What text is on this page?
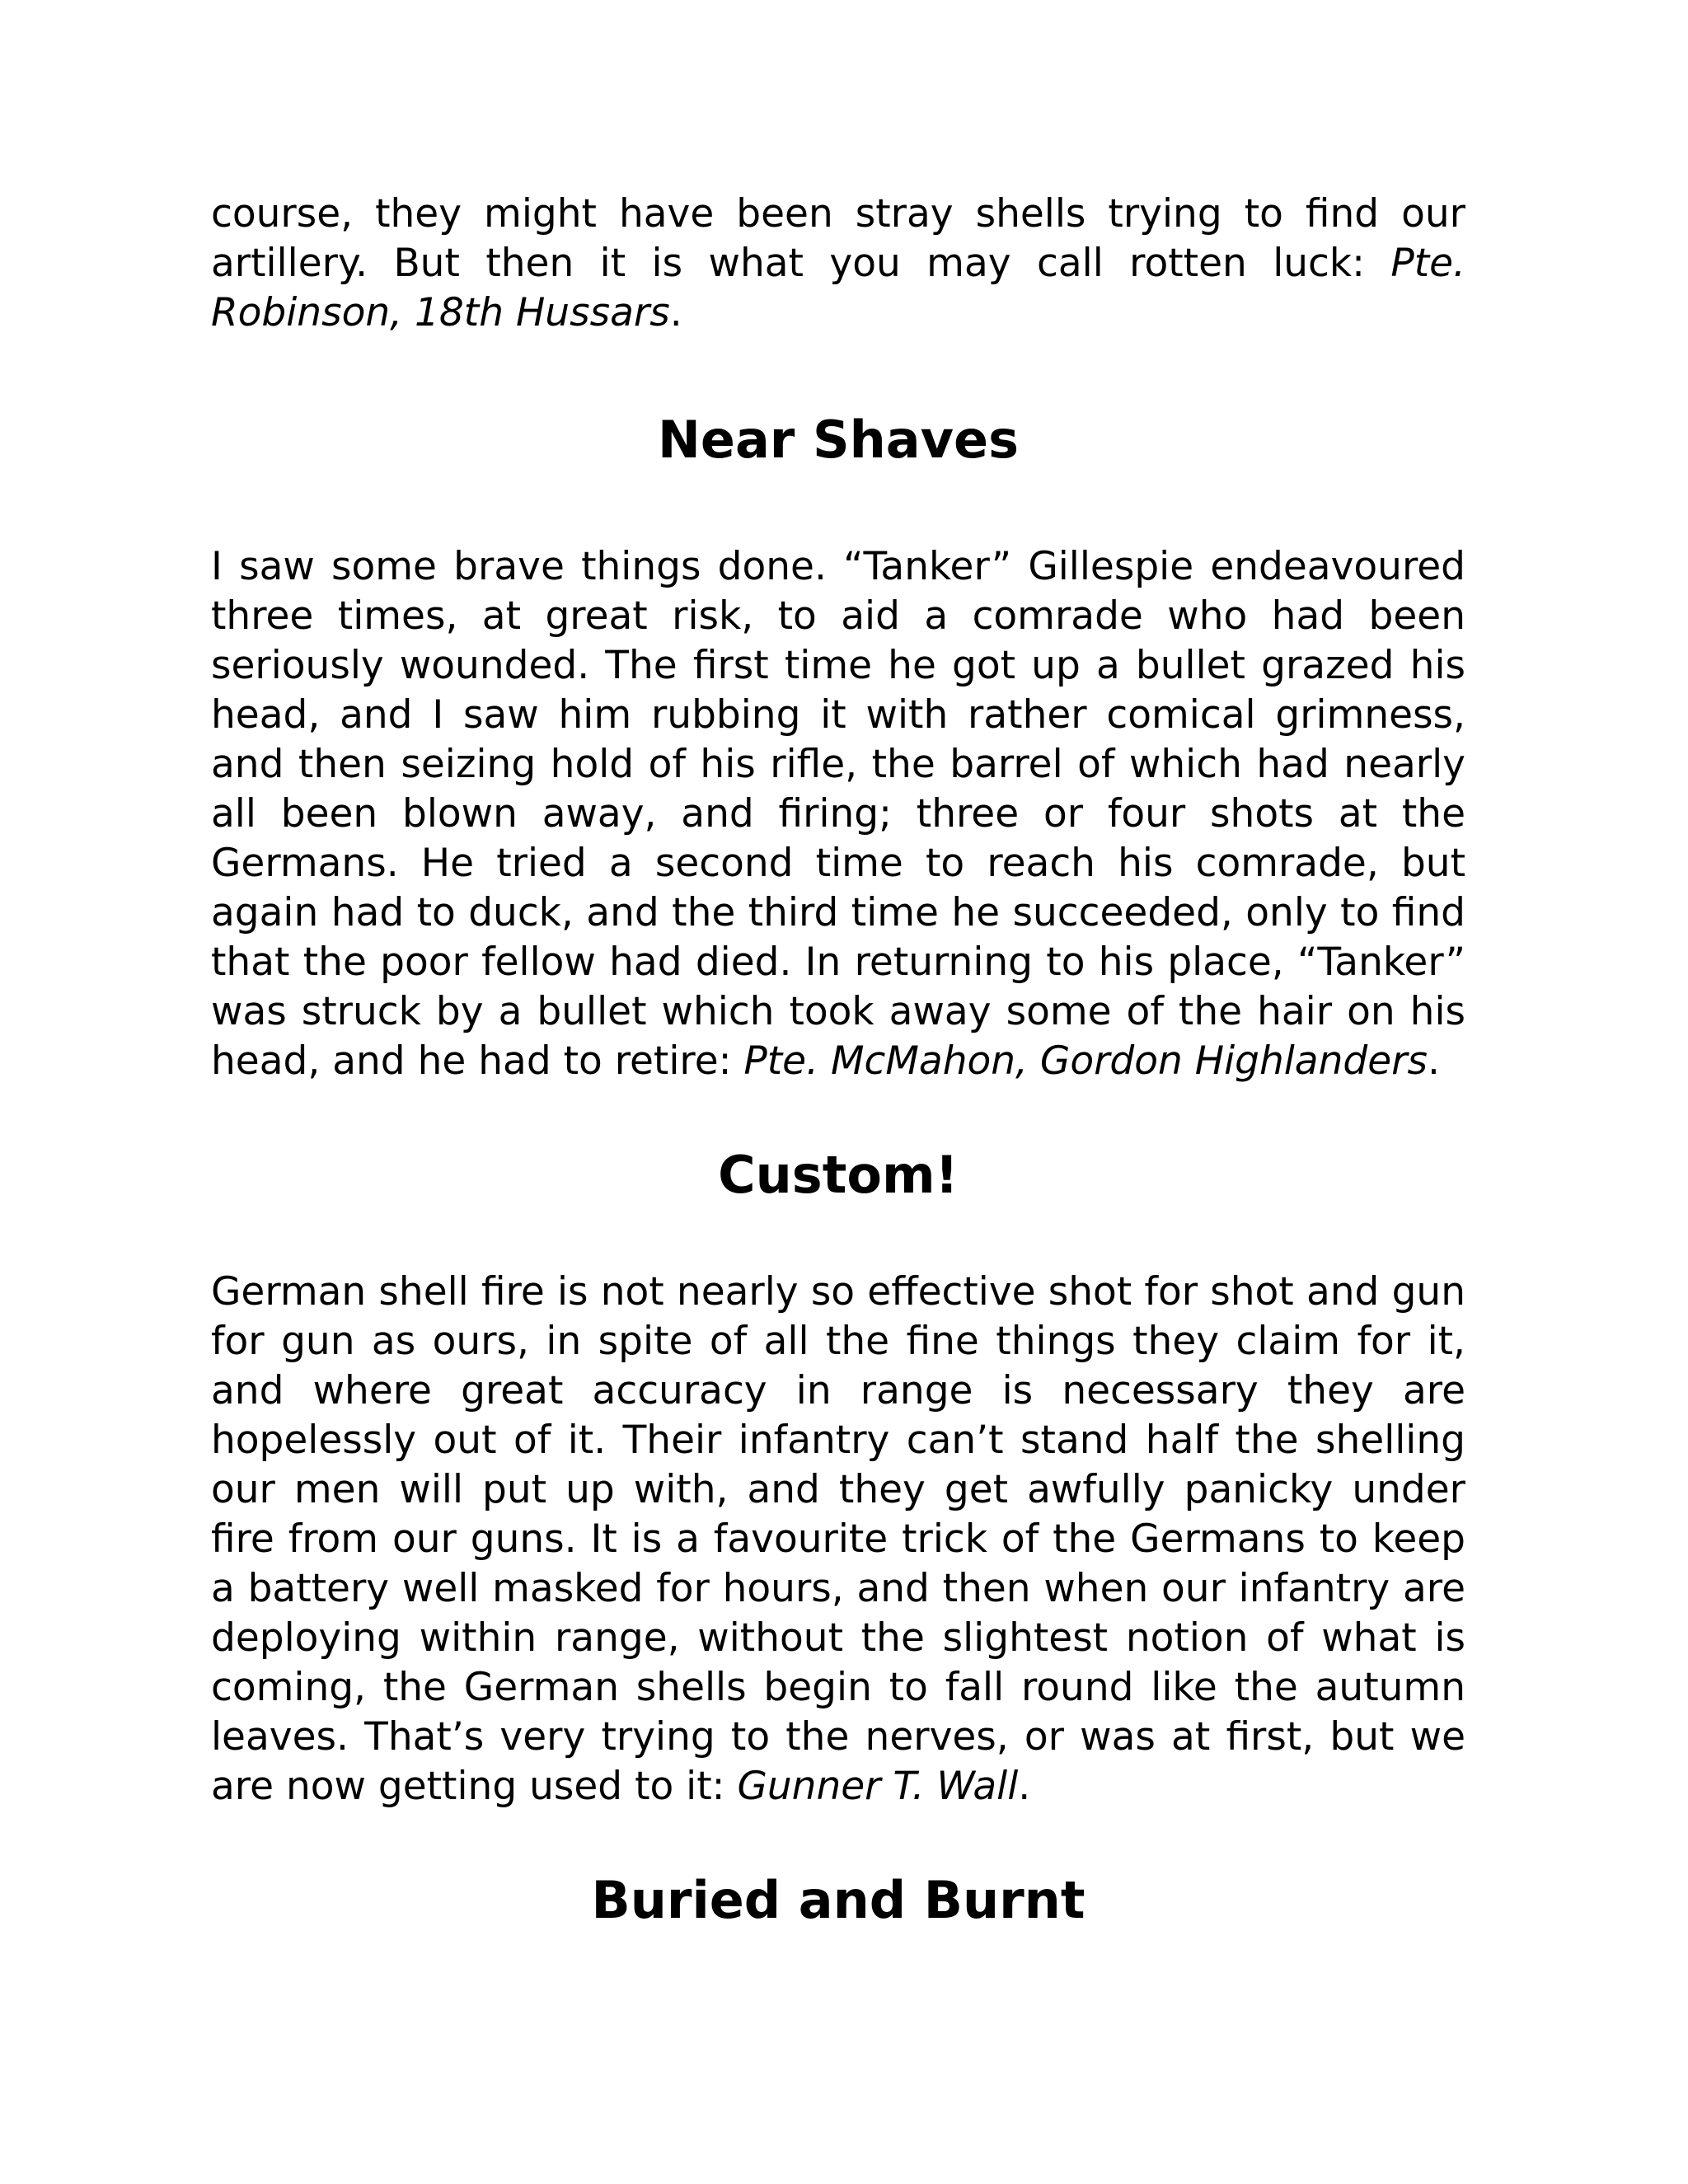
course, they might have been stray shells trying to find our artillery. But then it is what you may call rotten luck: Pte. Robinson, 18th Hussars.

Near Shaves

I saw some brave things done. “Tanker” Gillespie endeavoured three times, at great risk, to aid a comrade who had been seriously wounded. The first time he got up a bullet grazed his head, and I saw him rubbing it with rather comical grimness, and then seizing hold of his rifle, the barrel of which had nearly all been blown away, and firing; three or four shots at the Germans. He tried a second time to reach his comrade, but again had to duck, and the third time he succeeded, only to find that the poor fellow had died. In returning to his place, “Tanker” was struck by a bullet which took away some of the hair on his head, and he had to retire: Pte. McMahon, Gordon Highlanders.

Custom!

German shell fire is not nearly so effective shot for shot and gun for gun as ours, in spite of all the fine things they claim for it, and where great accuracy in range is necessary they are hopelessly out of it. Their infantry can’t stand half the shelling our men will put up with, and they get awfully panicky under fire from our guns. It is a favourite trick of the Germans to keep a battery well masked for hours, and then when our infantry are deploying within range, without the slightest notion of what is coming, the German shells begin to fall round like the autumn leaves. That’s very trying to the nerves, or was at first, but we are now getting used to it: Gunner T. Wall.

Buried and Burnt
